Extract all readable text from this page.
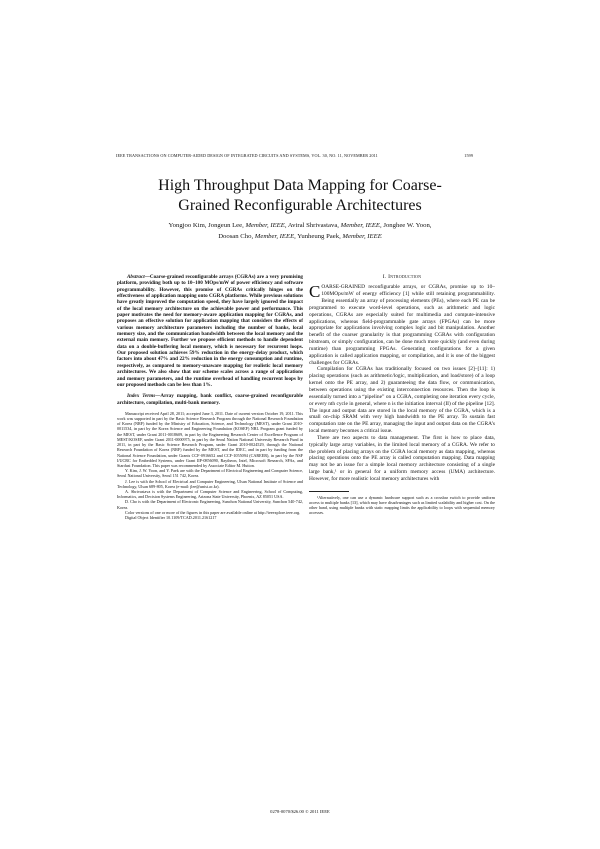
IEEE TRANSACTIONS ON COMPUTER-AIDED DESIGN OF INTEGRATED CIRCUITS AND SYSTEMS, VOL. 30, NO. 11, NOVEMBER 2011	1599
High Throughput Data Mapping for Coarse-Grained Reconfigurable Architectures
Yongjoo Kim, Jongeun Lee, Member, IEEE, Aviral Shrivastava, Member, IEEE, Jonghee W. Yoon,
Doosan Cho, Member, IEEE, Yunheung Paek, Member, IEEE

Abstract—Coarse-grained reconfigurable arrays (CGRAs) are a very promising platform, providing both up to 10–100 MOps/mW of power efficiency and software programmability. However, this promise of CGRAs critically hinges on the effectiveness of application mapping onto CGRA platforms. While previous solutions have greatly improved the computation speed, they have largely ignored the impact of the local memory architecture on the achievable power and performance. This paper motivates the need for memory-aware application mapping for CGRAs, and proposes an effective solution for application mapping that considers the effects of various memory architecture parameters including the number of banks, local memory size, and the communication bandwidth between the local memory and the external main memory. Further we propose efficient methods to handle dependent data on a double-buffering local memory, which is necessary for recurrent loops. Our proposed solution achieves 59% reduction in the energy-delay product, which factors into about 47% and 22% reduction in the energy consumption and runtime, respectively, as compared to memory-unaware mapping for realistic local memory architectures. We also show that our scheme scales across a range of applications and memory parameters, and the runtime overhead of handling recurrent loops by our proposed methods can be less than 1%.

Index Terms—Array mapping, bank conflict, coarse-grained reconfigurable architecture, compilation, multi-bank memory.

Manuscript received April 28, 2011; accepted June 3, 2011. Date of current version October 19, 2011. This work was supported in part by the Basic Science Research Program through the National Research Foundation of Korea (NRF) funded by the Ministry of Education, Science, and Technology (MEST), under Grant 2010-0011534, in part by the Korea Science and Engineering Foundation (KOSEF) NRL Program grant funded by the MEST, under Grant 2011-0018609, in part by the Engineering Research Center of Excellence Program of MEST/KOSEF, under Grant 2011-0000975, in part by the Seoul Nation National University Research Fund in 2011, in part by the Basic Science Research Program, under Grant 2010-0024529, through the National Research Foundation of Korea (NRF) funded by the MEST, and the IDEC, and in part by funding from the National Science Foundation, under Grants CCF-0916652 and CCF-1055094 (CAREER), in part by the NSF I/UCRC for Embedded Systems, under Grant IIP-0856090, Raytheon, Intel, Microsoft Research, SFAz, and Stardust Foundation. This paper was recommended by Associate Editor M. Hutton.

Y. Kim, J. W. Yoon, and Y. Paek are with the Department of Electrical Engineering and Computer Science, Seoul National University, Seoul 151 742, Korea.

J. Lee is with the School of Electrical and Computer Engineering, Ulsan National Institute of Science and Technology, Ulsan 689-805, Korea (e-mail: jlee@unist.ac.kr).

A. Shrivastava is with the Department of Computer Science and Engineering, School of Computing, Informatics, and Decision Systems Engineering, Arizona State University, Phoenix, AZ 85051 USA.

D. Cho is with the Department of Electronic Engineering, Sunchon National University, Sunchon 540-742, Korea.

Color versions of one or more of the figures in this paper are available online at http://ieeexplore.ieee.org.

Digital Object Identifier 10.1109/TCAD.2011.2161217

I. Introduction

COARSE-GRAINED reconfigurable arrays, or CGRAs, promise up to 10–100MOps/mW of energy efficiency [1] while still retaining programmability. Being essentially an array of processing elements (PEs), where each PE can be programmed to execute word-level operations, such as arithmetic and logic operations, CGRAs are especially suited for multimedia and compute-intensive applications, whereas field-programmable gate arrays (FPGAs) can be more appropriate for applications involving complex logic and bit manipulation. Another benefit of the coarser granularity is that programming CGRAs with configuration bitstream, or simply configuration, can be done much more quickly (and even during runtime) than programming FPGAs. Generating configurations for a given application is called application mapping, or compilation, and it is one of the biggest challenges for CGRAs.

Compilation for CGRAs has traditionally focused on two issues [2]–[11]: 1) placing operations (such as arithmetic/logic, multiplication, and load/store) of a loop kernel onto the PE array, and 2) guaranteeing the data flow, or communication, between operations using the existing interconnection resources. Then the loop is essentially turned into a “pipeline” on a CGRA, completing one iteration every cycle, or every nth cycle in general, where n is the initiation interval (II) of the pipeline [12]. The input and output data are stored in the local memory of the CGRA, which is a small on-chip SRAM with very high bandwidth to the PE array. To sustain fast computation rate on the PE array, managing the input and output data on the CGRA’s local memory becomes a critical issue.

There are two aspects to data management. The first is how to place data, typically large array variables, in the limited local memory of a CGRA. We refer to the problem of placing arrays on the CGRA local memory as data mapping, whereas placing operations onto the PE array is called computation mapping. Data mapping may not be an issue for a simple local memory architecture consisting of a single large bank,¹ or in general for a uniform memory access (UMA) architecture. However, for more realistic local memory architectures with

¹Alternatively, one can use a dynamic hardware support such as a crossbar switch to provide uniform access to multiple banks [13], which may have disadvantages such as limited scalability and higher cost. On the other hand, using multiple banks with static mapping limits the applicability to loops with sequential memory accesses.

0278-0070/$26.00 © 2011 IEEE
